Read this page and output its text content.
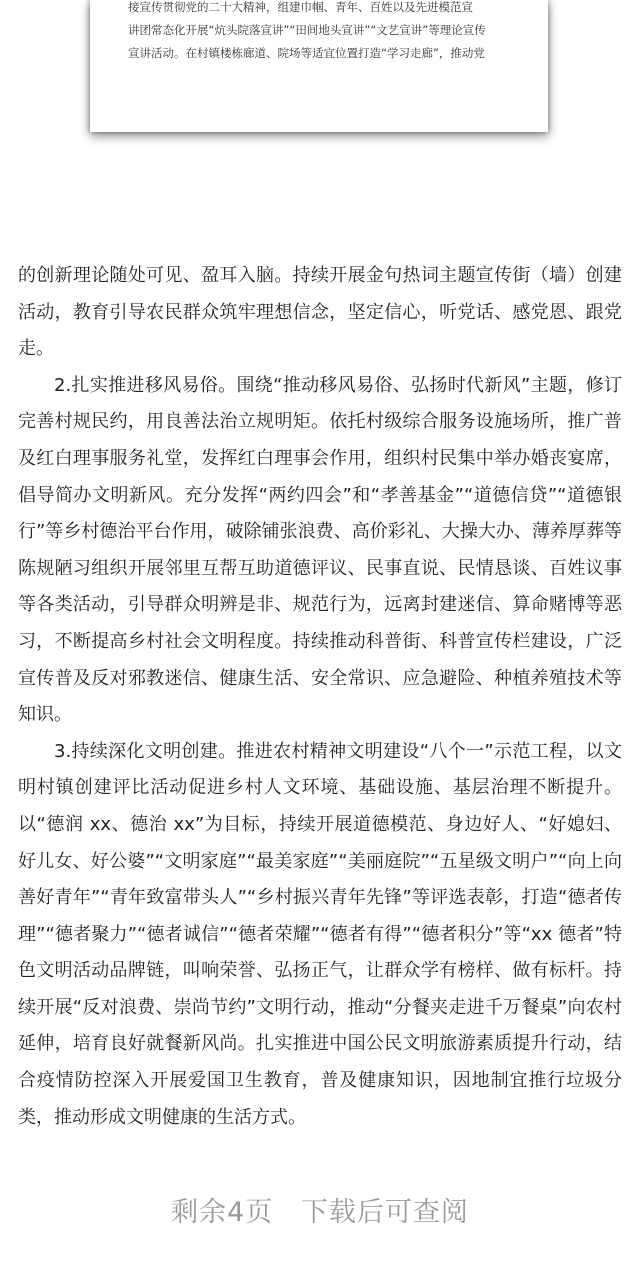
接宣传贯彻党的二十大精神，组建巾帼、青年、百姓以及先进模范宣
讲团常态化开展“炕头院落宣讲”“田间地头宣讲”“文艺宣讲”等理论宣传
宣讲活动。在村镇楼栋廊道、院场等适宜位置打造“学习走廊”，推动党

的创新理论随处可见、盈耳入脑。持续开展金句热词主题宣传街（墙）创建活动，教育引导农民群众筑牢理想信念，坚定信心，听党话、感党恩、跟党走。

2.扎实推进移风易俗。围绕“推动移风易俗、弘扬时代新风”主题，修订完善村规民约，用良善法治立规明矩。依托村级综合服务设施场所，推广普及红白理事服务礼堂，发挥红白理事会作用，组织村民集中举办婚丧宴席，倡导简办文明新风。充分发挥“两约四会”和“孝善基金”“道德信贷”“道德银行”等乡村德治平台作用，破除铺张浪费、高价彩礼、大操大办、薄养厚葬等陈规陋习组织开展邻里互帮互助道德评议、民事直说、民情恳谈、百姓议事等各类活动，引导群众明辨是非、规范行为，远离封建迷信、算命赌博等恶习，不断提高乡村社会文明程度。持续推动科普街、科普宣传栏建设，广泛宣传普及反对邪教迷信、健康生活、安全常识、应急避险、种植养殖技术等知识。

3.持续深化文明创建。推进农村精神文明建设“八个一”示范工程，以文明村镇创建评比活动促进乡村人文环境、基础设施、基层治理不断提升。以“德润 xx、德治 xx”为目标，持续开展道德模范、身边好人、“好媳妇、好儿女、好公婆”“文明家庭”“最美家庭”“美丽庭院”“五星级文明户”“向上向善好青年”“青年致富带头人”“乡村振兴青年先锋”等评选表彰，打造“德者传理”“德者聚力”“德者诚信”“德者荣耀”“德者有得”“德者积分”等“xx 德者”特色文明活动品牌链，叫响荣誉、弘扬正气，让群众学有榜样、做有标杆。持续开展“反对浪费、崇尚节约”文明行动，推动“分餐夹走进千万餐桌”向农村延伸，培育良好就餐新风尚。扎实推进中国公民文明旅游素质提升行动，结合疫情防控深入开展爱国卫生教育，普及健康知识，因地制宜推行垃圾分类，推动形成文明健康的生活方式。

剩余4页 下载后可查阅
